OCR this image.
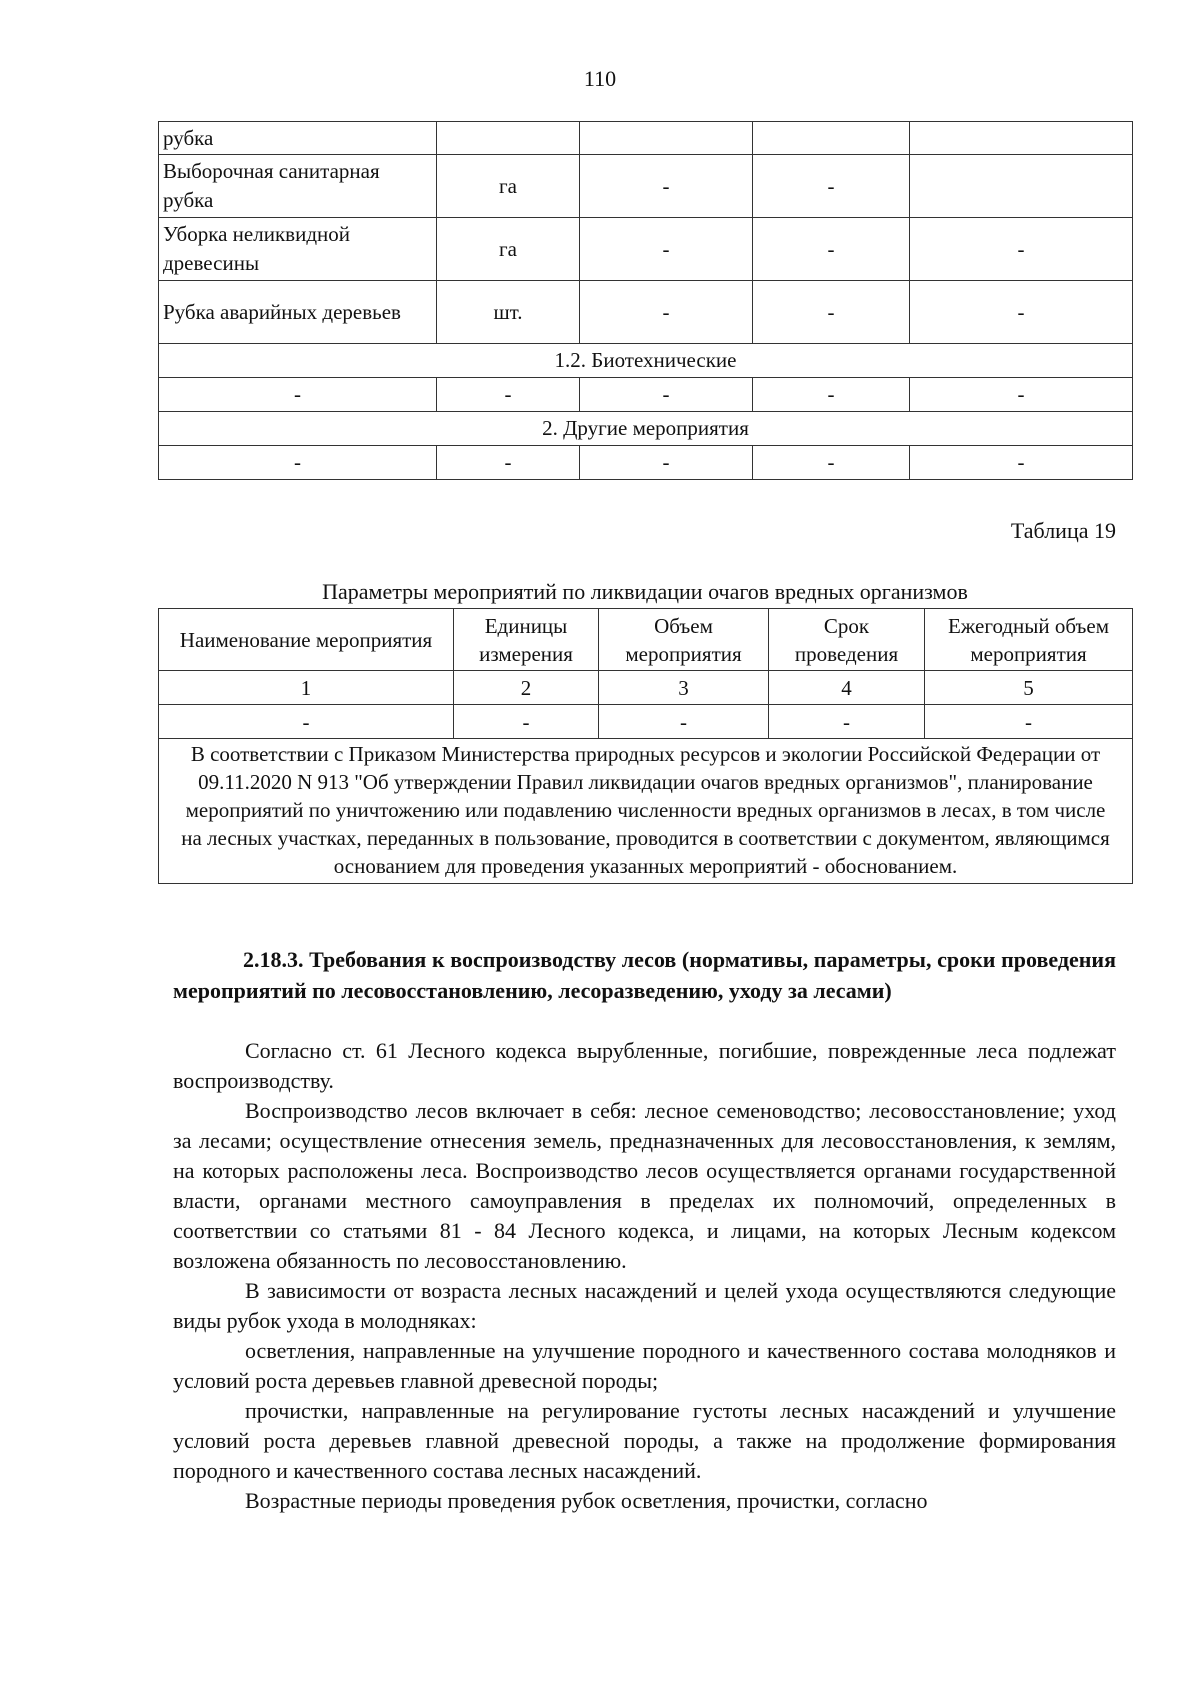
110
рубка				
Выборочная санитарная рубка	га	-	-	
Уборка неликвидной древесины	га	-	-	-
Рубка аварийных деревьев	шт.	-	-	-
1.2. Биотехнические				
-	-	-	-	-
2. Другие мероприятия				
-	-	-	-	-
Таблица 19
Параметры мероприятий по ликвидации очагов вредных организмов
Наименование мероприятия	Единицы измерения	Объем мероприятия	Срок проведения	Ежегодный объем мероприятия
1	2	3	4	5
-	-	-	-	-
В соответствии с Приказом Министерства природных ресурсов и экологии Российской Федерации от 09.11.2020 N 913 "Об утверждении Правил ликвидации очагов вредных организмов", планирование мероприятий по уничтожению или подавлению численности вредных организмов в лесах, в том числе на лесных участках, переданных в пользование, проводится в соответствии с документом, являющимся основанием для проведения указанных мероприятий - обоснованием.				
2.18.3. Требования к воспроизводству лесов (нормативы, параметры, сроки проведения мероприятий по лесовосстановлению, лесоразведению, уходу за лесами)

Согласно ст. 61 Лесного кодекса вырубленные, погибшие, поврежденные леса подлежат воспроизводству.

Воспроизводство лесов включает в себя: лесное семеноводство; лесовосстановление; уход за лесами; осуществление отнесения земель, предназначенных для лесовосстановления, к землям, на которых расположены леса. Воспроизводство лесов осуществляется органами государственной власти, органами местного самоуправления в пределах их полномочий, определенных в соответствии со статьями 81 - 84 Лесного кодекса, и лицами, на которых Лесным кодексом возложена обязанность по лесовосстановлению.

В зависимости от возраста лесных насаждений и целей ухода осуществляются следующие виды рубок ухода в молодняках:

осветления, направленные на улучшение породного и качественного состава молодняков и условий роста деревьев главной древесной породы;

прочистки, направленные на регулирование густоты лесных насаждений и улучшение условий роста деревьев главной древесной породы, а также на продолжение формирования породного и качественного состава лесных насаждений.

Возрастные периоды проведения рубок осветления, прочистки, согласно
